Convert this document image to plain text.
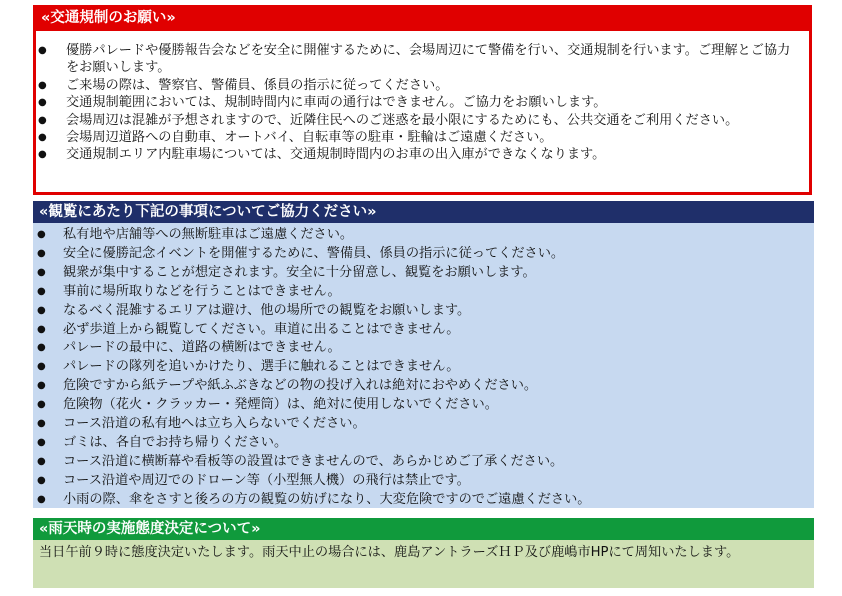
«交通規制のお願い»
● 優勝パレードや優勝報告会などを安全に開催するために、会場周辺にて警備を行い、交通規制を行います。ご理解とご協力をお願いします。
● ご来場の際は、警察官、警備員、係員の指示に従ってください。
● 交通規制範囲においては、規制時間内に車両の通行はできません。ご協力をお願いします。
● 会場周辺は混雑が予想されますので、近隣住民へのご迷惑を最小限にするためにも、公共交通をご利用ください。
● 会場周辺道路への自動車、オートバイ、自転車等の駐車・駐輪はご遠慮ください。
● 交通規制エリア内駐車場については、交通規制時間内のお車の出入庫ができなくなります。
«観覧にあたり下記の事項についてご協力ください»
● 私有地や店舗等への無断駐車はご遠慮ください。
● 安全に優勝記念イベントを開催するために、警備員、係員の指示に従ってください。
● 観衆が集中することが想定されます。安全に十分留意し、観覧をお願いします。
● 事前に場所取りなどを行うことはできません。
● なるべく混雑するエリアは避け、他の場所での観覧をお願いします。
● 必ず歩道上から観覧してください。車道に出ることはできません。
● パレードの最中に、道路の横断はできません。
● パレードの隊列を追いかけたり、選手に触れることはできません。
● 危険ですから紙テープや紙ふぶきなどの物の投げ入れは絶対におやめください。
● 危険物（花火・クラッカー・発煙筒）は、絶対に使用しないでください。
● コース沿道の私有地へは立ち入らないでください。
● ゴミは、各自でお持ち帰りください。
● コース沿道に横断幕や看板等の設置はできませんので、あらかじめご了承ください。
● コース沿道や周辺でのドローン等（小型無人機）の飛行は禁止です。
● 小雨の際、傘をさすと後ろの方の観覧の妨げになり、大変危険ですのでご遠慮ください。
«雨天時の実施態度決定について»
当日午前９時に態度決定いたします。雨天中止の場合には、鹿島アントラーズＨＰ及び鹿嶋市HPにて周知いたします。
